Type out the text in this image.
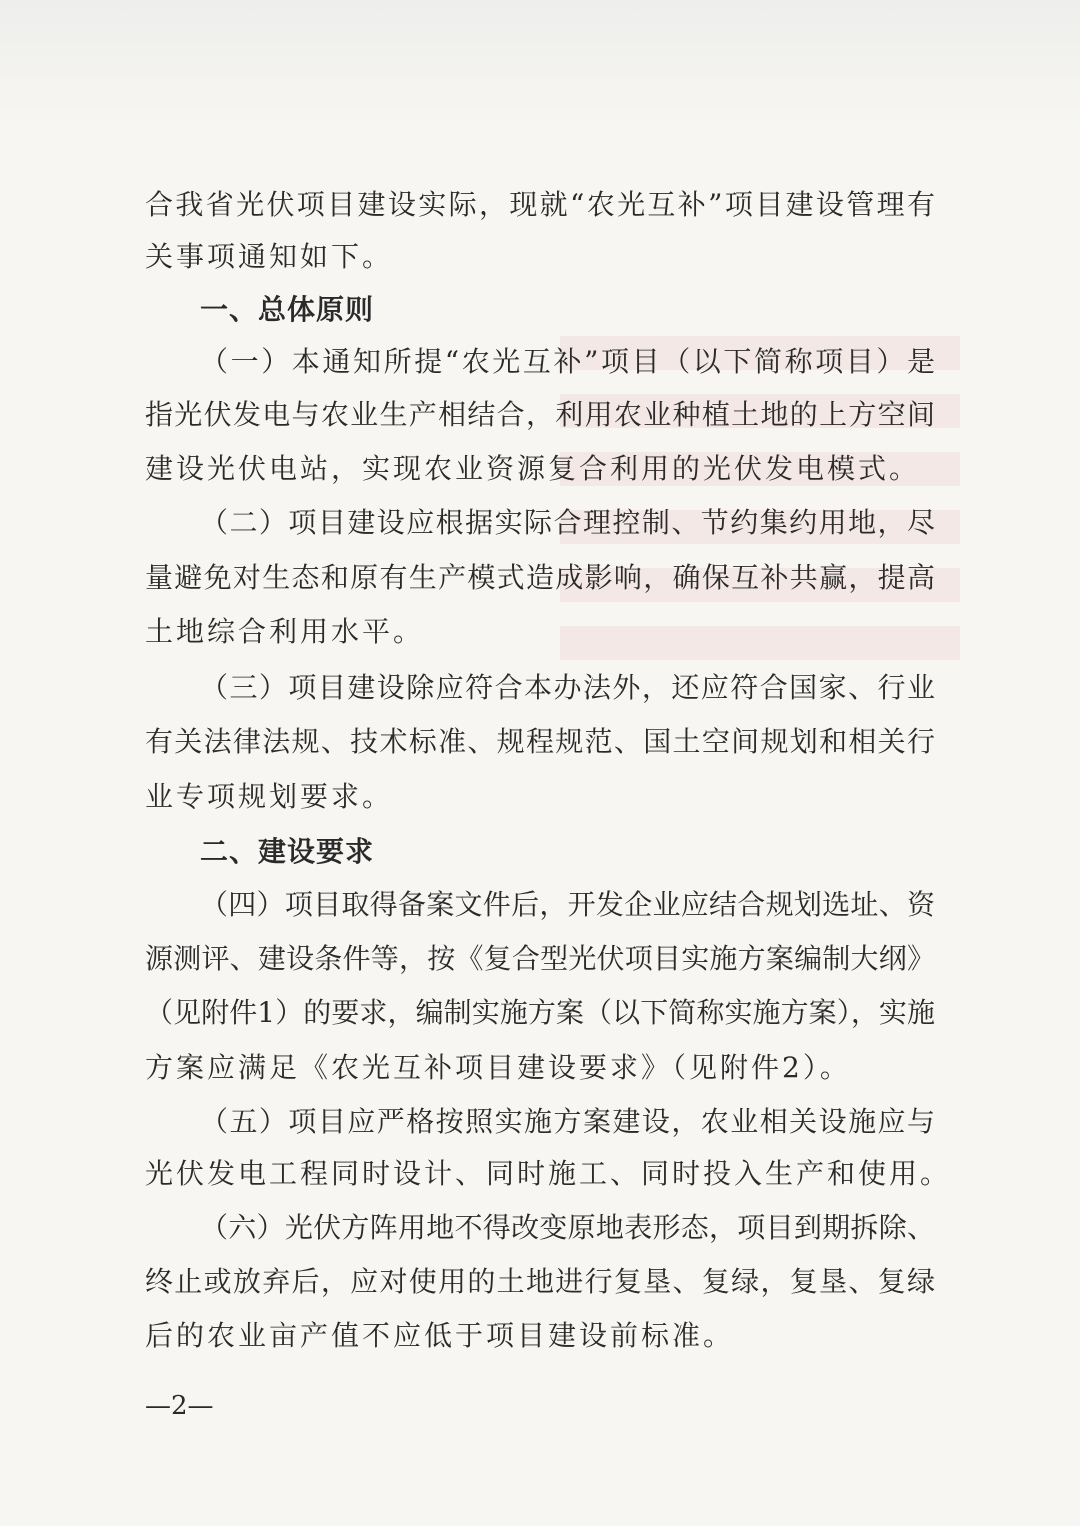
合我省光伏项目建设实际，现就“农光互补”项目建设管理有
关事项通知如下。
一、总体原则
（一）本通知所提“农光互补”项目（以下简称项目）是
指光伏发电与农业生产相结合，利用农业种植土地的上方空间
建设光伏电站，实现农业资源复合利用的光伏发电模式。
（二）项目建设应根据实际合理控制、节约集约用地，尽
量避免对生态和原有生产模式造成影响，确保互补共赢，提高
土地综合利用水平。
（三）项目建设除应符合本办法外，还应符合国家、行业
有关法律法规、技术标准、规程规范、国土空间规划和相关行
业专项规划要求。
二、建设要求
（四）项目取得备案文件后，开发企业应结合规划选址、资
源测评、建设条件等，按《复合型光伏项目实施方案编制大纲》
（见附件1）的要求，编制实施方案（以下简称实施方案），实施
方案应满足《农光互补项目建设要求》（见附件2）。
（五）项目应严格按照实施方案建设，农业相关设施应与
光伏发电工程同时设计、同时施工、同时投入生产和使用。
（六）光伏方阵用地不得改变原地表形态，项目到期拆除、
终止或放弃后，应对使用的土地进行复垦、复绿，复垦、复绿
后的农业亩产值不应低于项目建设前标准。
—2—
